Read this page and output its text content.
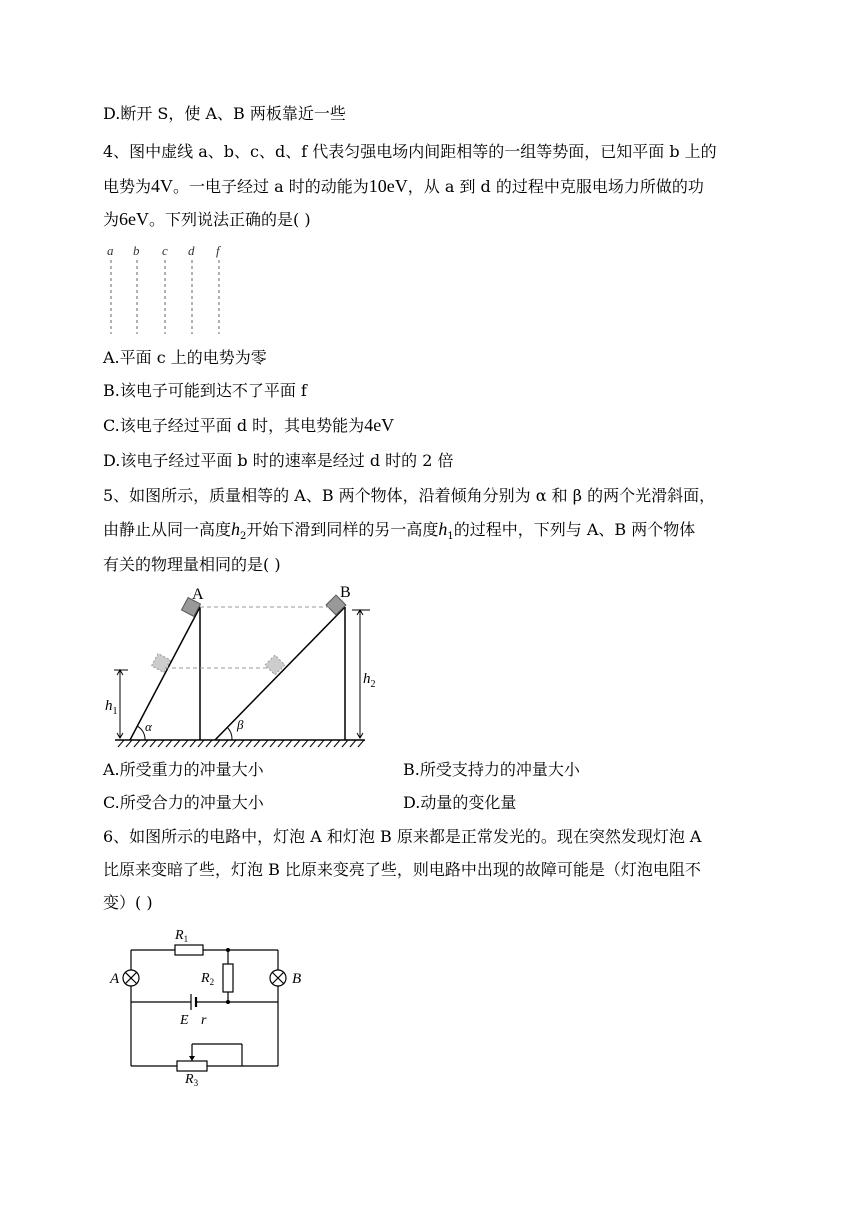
D.断开 S，使 A、B 两板靠近一些
4、图中虚线 a、b、c、d、f 代表匀强电场内间距相等的一组等势面，已知平面 b 上的
电势为4V。一电子经过 a 时的动能为10eV，从 a 到 d 的过程中克服电场力所做的功
为6eV。下列说法正确的是( )
a b c d f
A.平面 c 上的电势为零
B.该电子可能到达不了平面 f
C.该电子经过平面 d 时，其电势能为4eV
D.该电子经过平面 b 时的速率是经过 d 时的 2 倍
5、如图所示，质量相等的 A、B 两个物体，沿着倾角分别为 α 和 β 的两个光滑斜面，
由静止从同一高度$h_2$开始下滑到同样的另一高度$h_1$的过程中，下列与 A、B 两个物体
有关的物理量相同的是( )
$h_1$
$h_2$
A	B
α	β
A.所受重力的冲量大小	B.所受支持力的冲量大小
C.所受合力的冲量大小	D.动量的变化量
6、如图所示的电路中，灯泡 A 和灯泡 B 原来都是正常发光的。现在突然发现灯泡 A
比原来变暗了些，灯泡 B 比原来变亮了些，则电路中出现的故障可能是（灯泡电阻不
变）( )
A	B
$R_1$
$R_2$
E r
$R_3$
